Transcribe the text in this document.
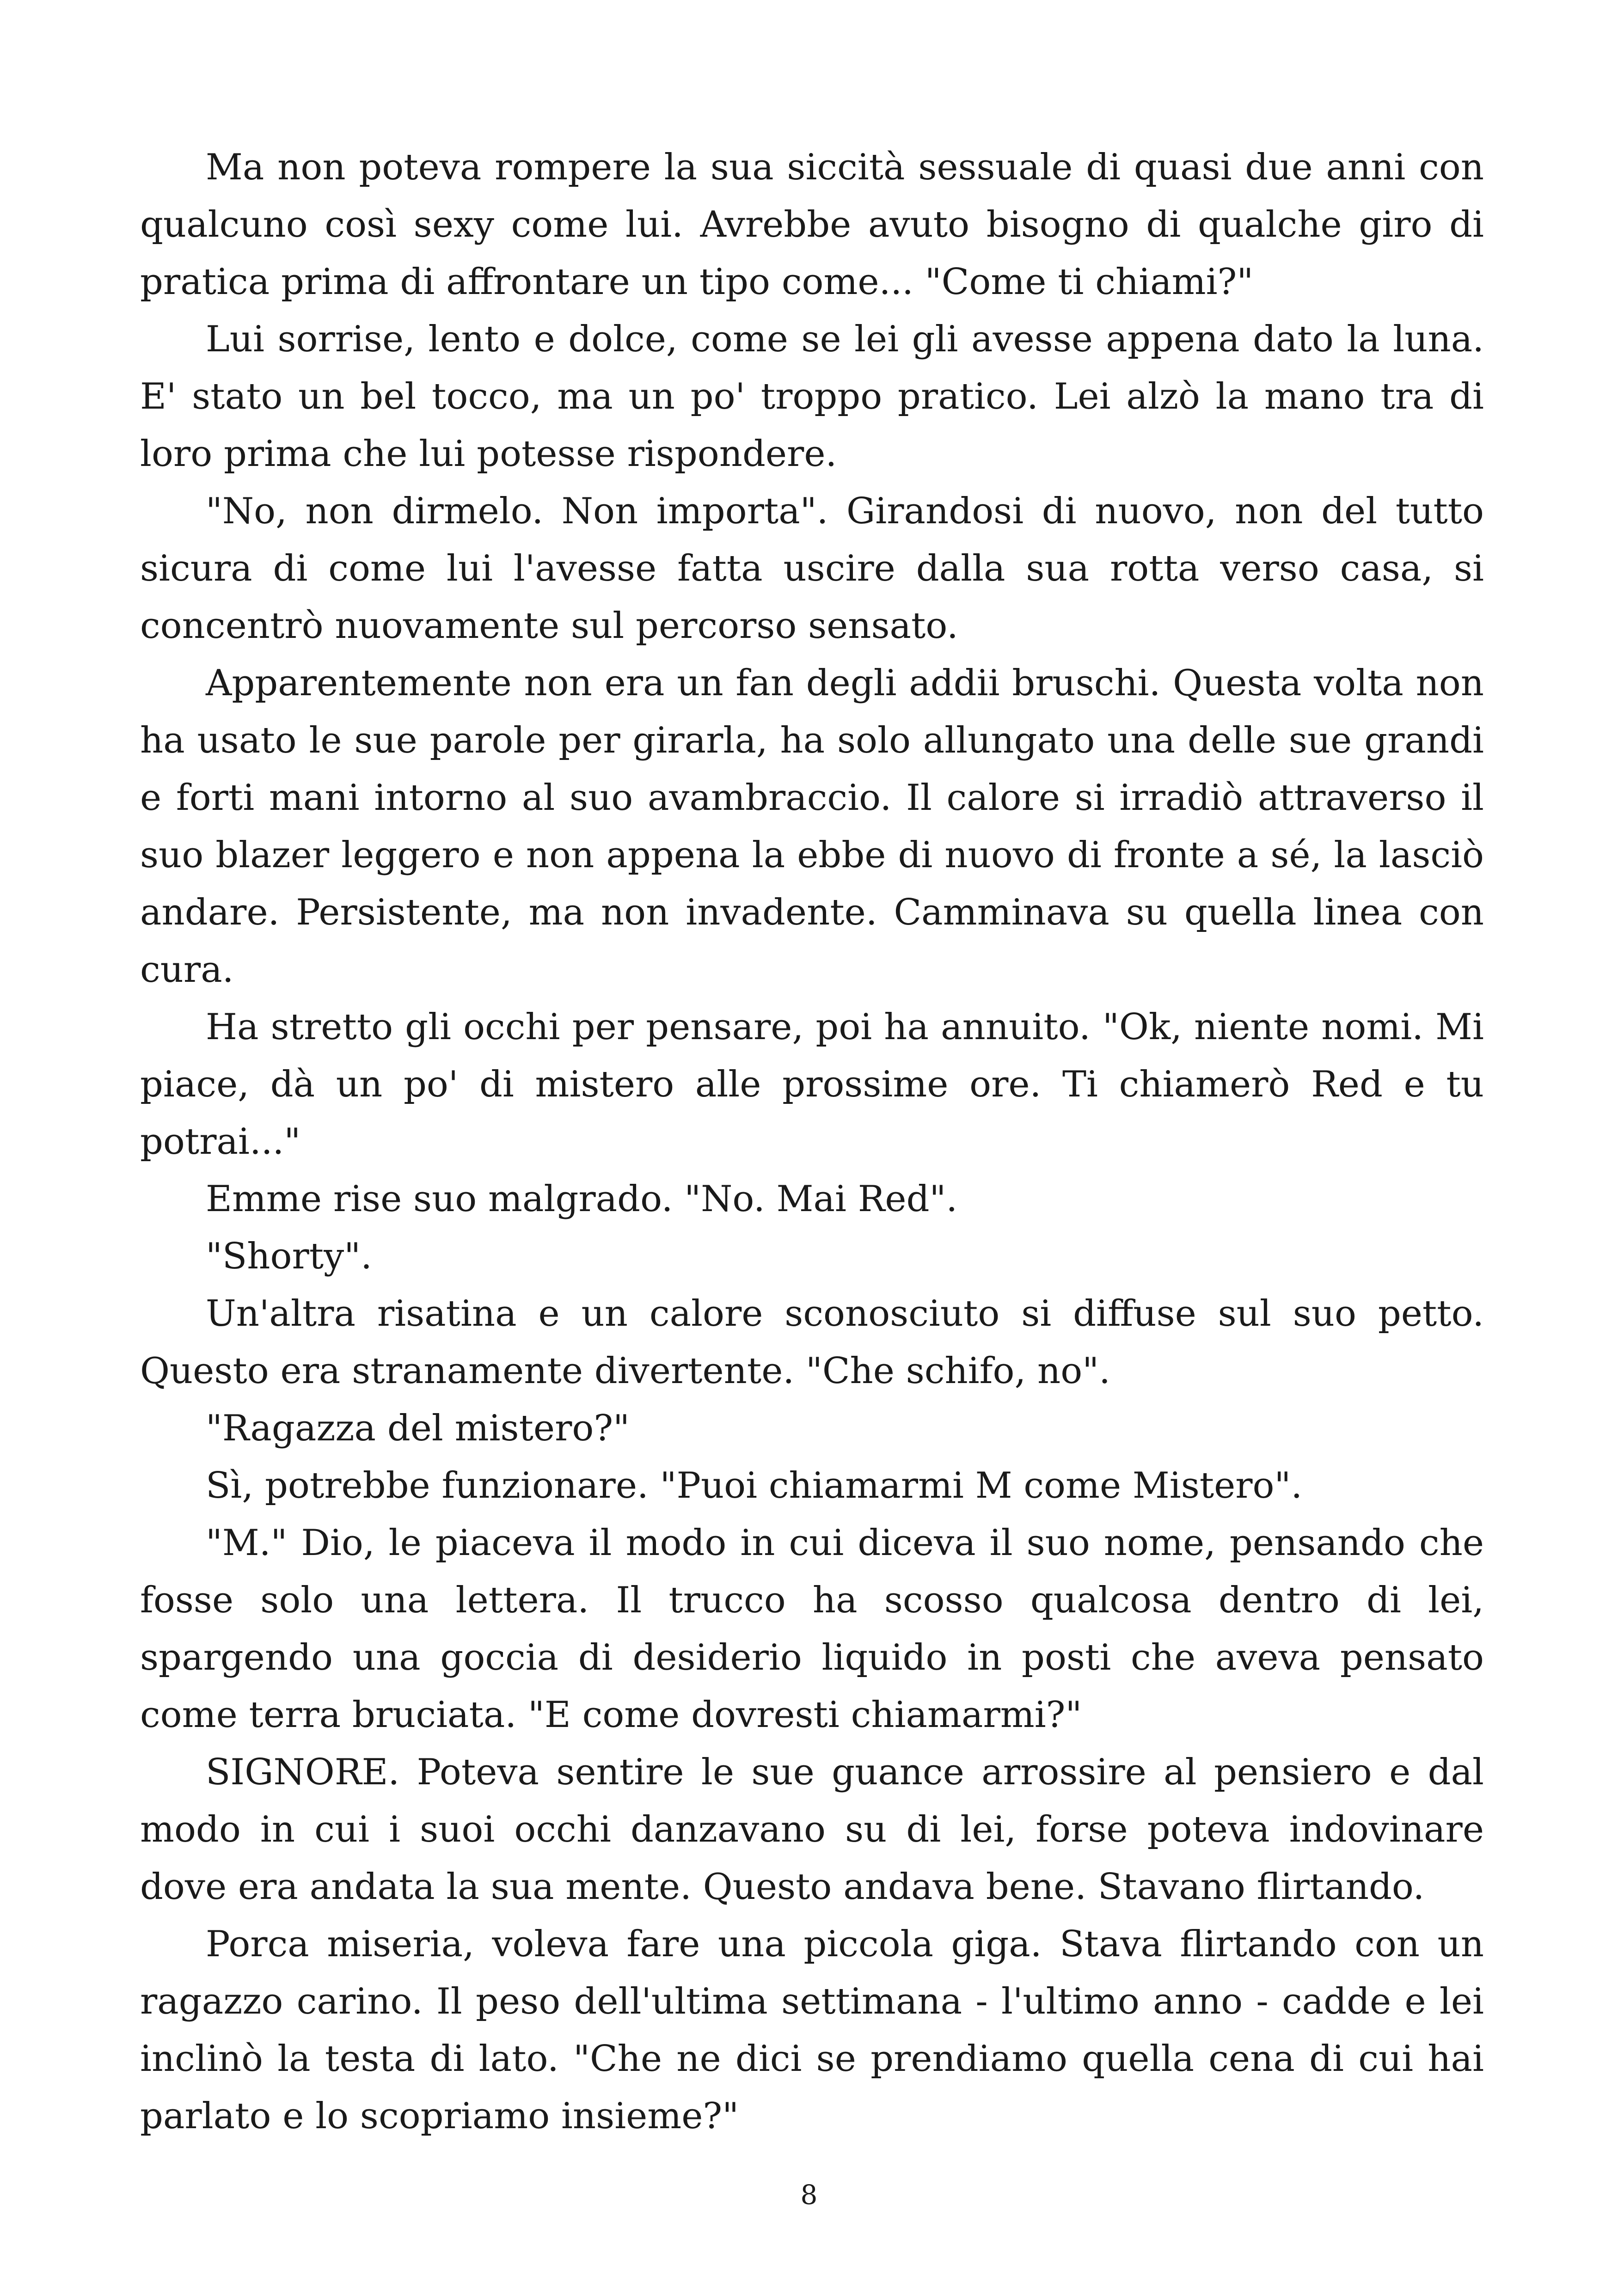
Ma non poteva rompere la sua siccità sessuale di quasi due anni con qualcuno così sexy come lui. Avrebbe avuto bisogno di qualche giro di pratica prima di affrontare un tipo come... "Come ti chiami?"

Lui sorrise, lento e dolce, come se lei gli avesse appena dato la luna. E' stato un bel tocco, ma un po' troppo pratico. Lei alzò la mano tra di loro prima che lui potesse rispondere.

"No, non dirmelo. Non importa". Girandosi di nuovo, non del tutto sicura di come lui l'avesse fatta uscire dalla sua rotta verso casa, si concentrò nuovamente sul percorso sensato.

Apparentemente non era un fan degli addii bruschi. Questa volta non ha usato le sue parole per girarla, ha solo allungato una delle sue grandi e forti mani intorno al suo avambraccio. Il calore si irradiò attraverso il suo blazer leggero e non appena la ebbe di nuovo di fronte a sé, la lasciò andare. Persistente, ma non invadente. Camminava su quella linea con cura.

Ha stretto gli occhi per pensare, poi ha annuito. "Ok, niente nomi. Mi piace, dà un po' di mistero alle prossime ore. Ti chiamerò Red e tu potrai..."

Emme rise suo malgrado. "No. Mai Red".

"Shorty".

Un'altra risatina e un calore sconosciuto si diffuse sul suo petto. Questo era stranamente divertente. "Che schifo, no".

"Ragazza del mistero?"

Sì, potrebbe funzionare. "Puoi chiamarmi M come Mistero".

"M." Dio, le piaceva il modo in cui diceva il suo nome, pensando che fosse solo una lettera. Il trucco ha scosso qualcosa dentro di lei, spargendo una goccia di desiderio liquido in posti che aveva pensato come terra bruciata. "E come dovresti chiamarmi?"

SIGNORE. Poteva sentire le sue guance arrossire al pensiero e dal modo in cui i suoi occhi danzavano su di lei, forse poteva indovinare dove era andata la sua mente. Questo andava bene. Stavano flirtando.

Porca miseria, voleva fare una piccola giga. Stava flirtando con un ragazzo carino. Il peso dell'ultima settimana - l'ultimo anno - cadde e lei inclinò la testa di lato. "Che ne dici se prendiamo quella cena di cui hai parlato e lo scopriamo insieme?"

8
